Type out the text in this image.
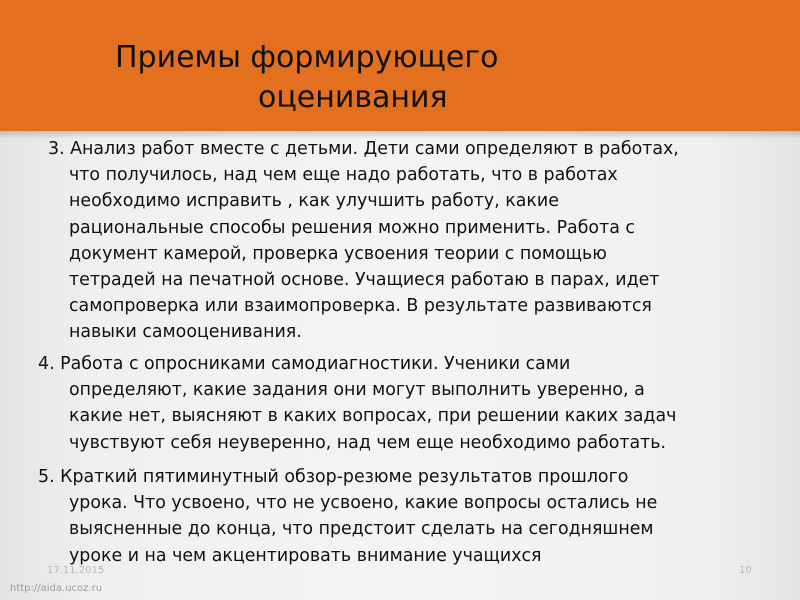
Приемы формирующего
оценивания

3. Анализ работ вместе с детьми. Дети сами определяют в работах,
что получилось, над чем еще надо работать, что в работах
необходимо исправить , как улучшить работу, какие
рациональные способы решения можно применить. Работа с
документ камерой, проверка усвоения теории с помощью
тетрадей на печатной основе. Учащиеся работаю в парах, идет
самопроверка или взаимопроверка. В результате развиваются
навыки самооценивания.

4. Работа с опросниками самодиагностики. Ученики сами
определяют, какие задания они могут выполнить уверенно, а
какие нет, выясняют в каких вопросах, при решении каких задач
чувствуют себя неуверенно, над чем еще необходимо работать.

5. Краткий пятиминутный обзор-резюме результатов прошлого
урока. Что усвоено, что не усвоено, какие вопросы остались не
выясненные до конца, что предстоит сделать на сегодняшнем
уроке и на чем акцентировать внимание учащихся

17.11.2015	10
http://aida.ucoz.ru
